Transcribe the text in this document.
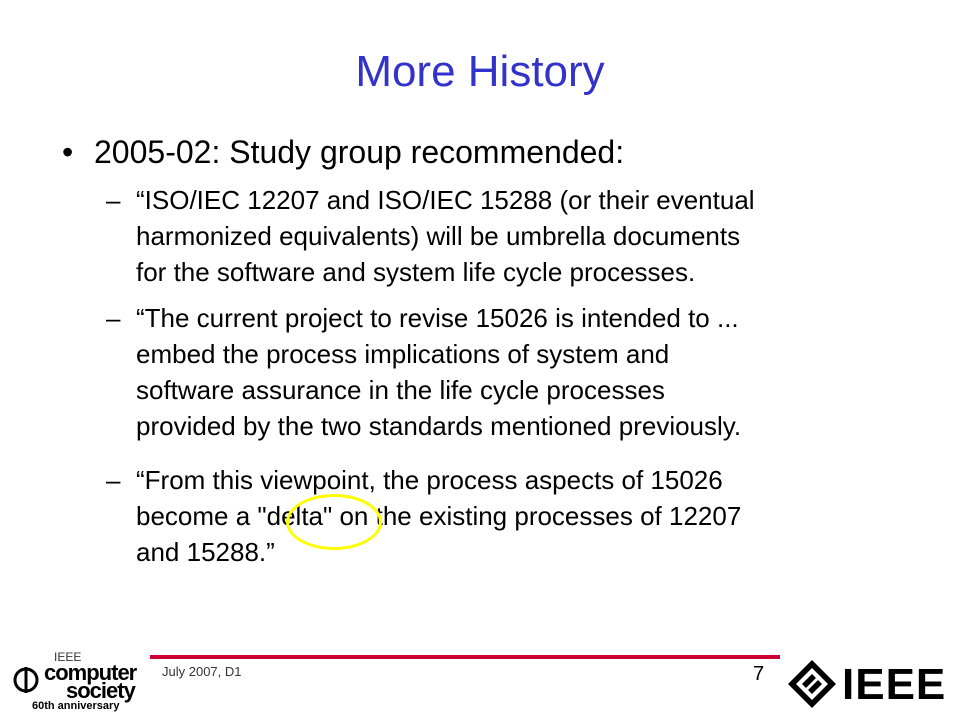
More History
• 2005-02: Study group recommended:
– “ISO/IEC 12207 and ISO/IEC 15288 (or their eventual
harmonized equivalents) will be umbrella documents
for the software and system life cycle processes.
– “The current project to revise 15026 is intended to ...
embed the process implications of system and
software assurance in the life cycle processes
provided by the two standards mentioned previously.
– “From this viewpoint, the process aspects of 15026
become a "delta" on the existing processes of 12207
and 15288.”
July 2007, D1	7
IEEE
computer
society
60th anniversary	IEEE
